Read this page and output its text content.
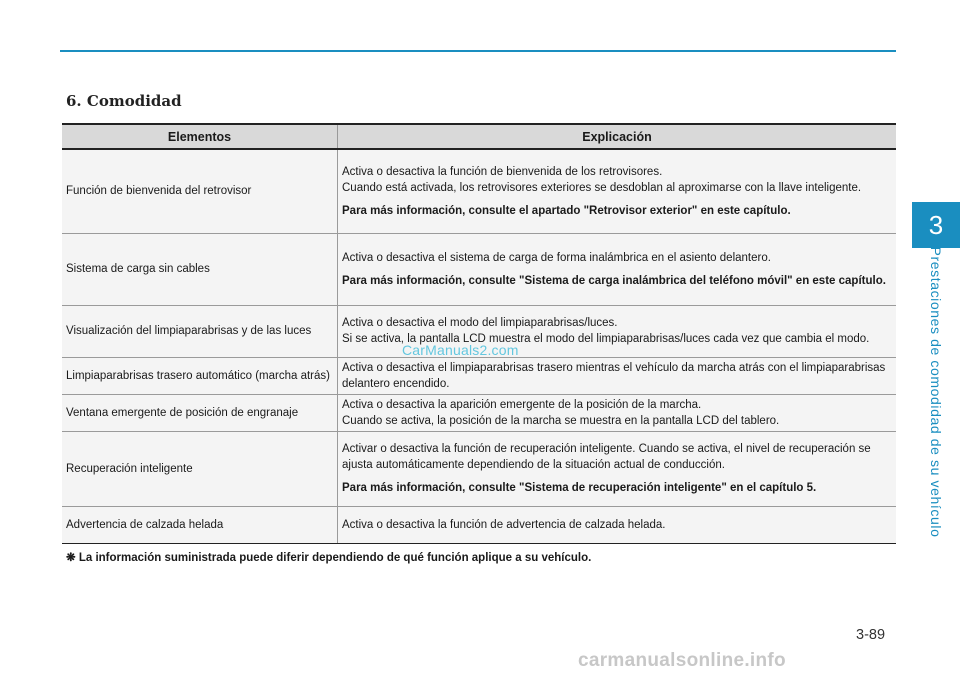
6. Comodidad
Elementos	Explicación
Función de bienvenida del retrovisor	Activa o desactiva la función de bienvenida de los retrovisores.
Cuando está activada, los retrovisores exteriores se desdoblan al aproximarse con la llave inteligente.
Para más información, consulte el apartado "Retrovisor exterior" en este capítulo.

Sistema de carga sin cables	Activa o desactiva el sistema de carga de forma inalámbrica en el asiento delantero.
Para más información, consulte "Sistema de carga inalámbrica del teléfono móvil" en este capítulo.

Visualización del limpiaparabrisas y de las luces	Activa o desactiva el modo del limpiaparabrisas/luces.
Si se activa, la pantalla LCD muestra el modo del limpiaparabrisas/luces cada vez que cambia el modo.

Limpiaparabrisas trasero automático (marcha atrás)	Activa o desactiva el limpiaparabrisas trasero mientras el vehículo da marcha atrás con el limpiaparabrisas delantero encendido.

Ventana emergente de posición de engranaje	Activa o desactiva la aparición emergente de la posición de la marcha.
Cuando se activa, la posición de la marcha se muestra en la pantalla LCD del tablero.

Recuperación inteligente	Activar o desactiva la función de recuperación inteligente. Cuando se activa, el nivel de recuperación se ajusta automáticamente dependiendo de la situación actual de conducción.
Para más información, consulte "Sistema de recuperación inteligente" en el capítulo 5.

Advertencia de calzada helada	Activa o desactiva la función de advertencia de calzada helada.

❋ La información suministrada puede diferir dependiendo de qué función aplique a su vehículo.

CarManuals2.com
3
Prestaciones de comodidad de su vehículo
3-89
carmanualsonline.info
